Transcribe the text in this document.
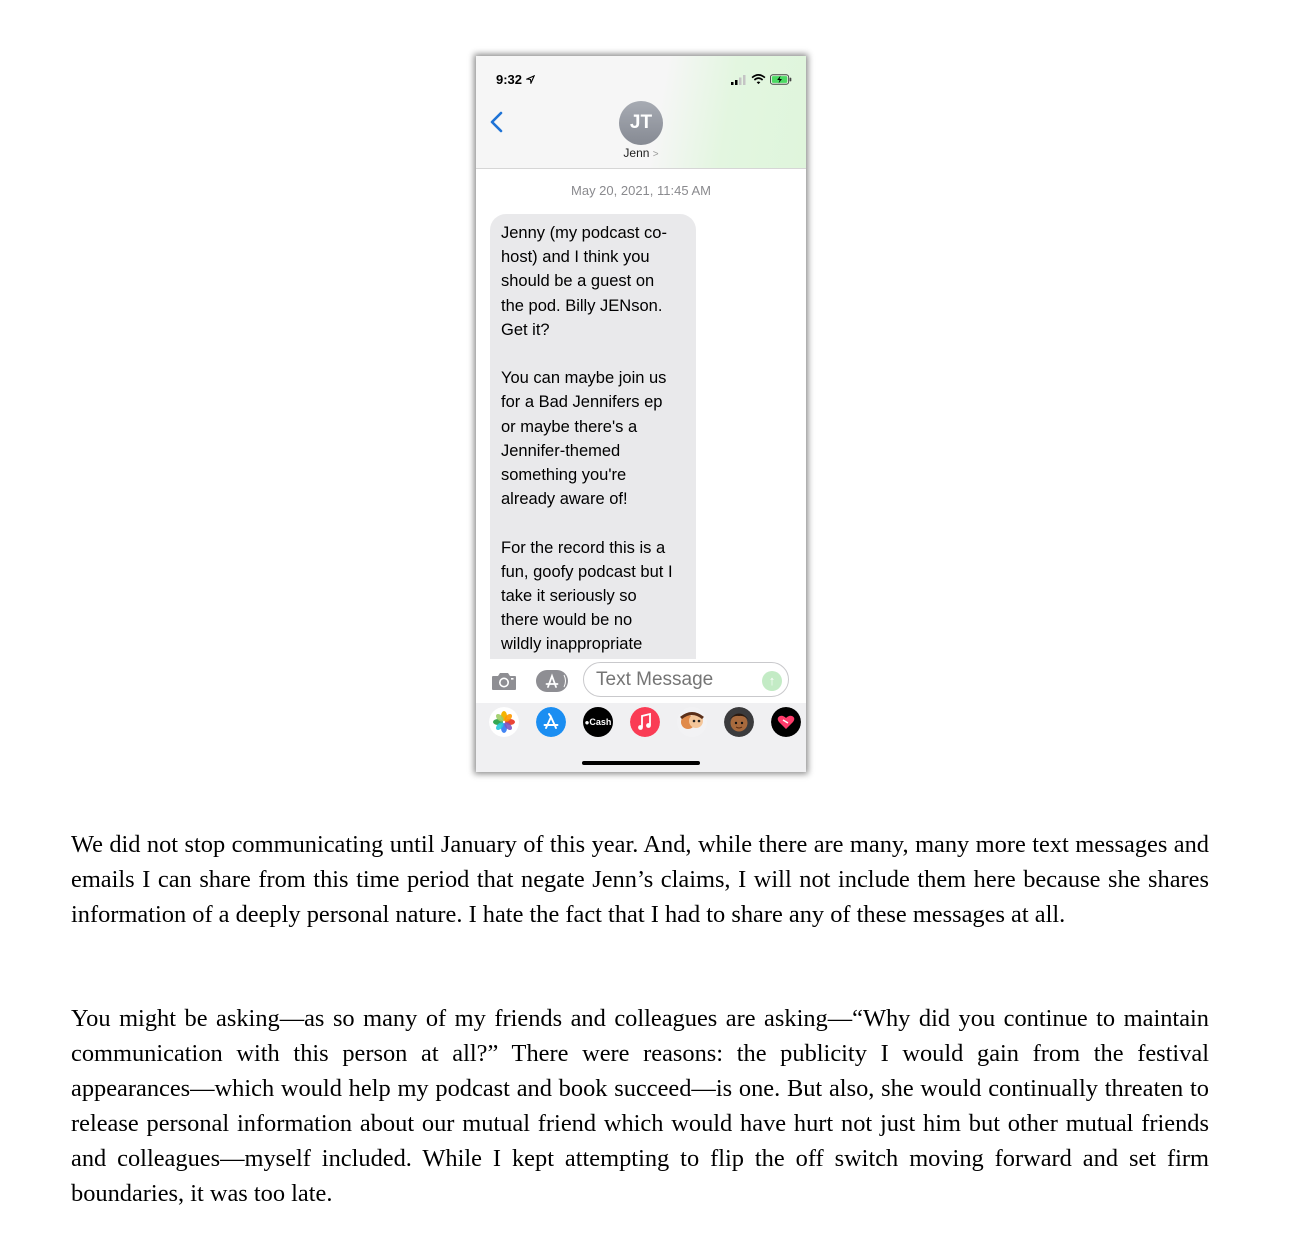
9:32

JT
Jenn >
May 20, 2021, 11:45 AM
Jenny (my podcast co-
host) and I think you
should be a guest on
the pod. Billy JENson.
Get it?

You can maybe join us
for a Bad Jennifers ep
or maybe there's a
Jennifer-themed
something you're
already aware of!

For the record this is a
fun, goofy podcast but I
take it seriously so
there would be no
wildly inappropriate
Text Message
↑
●Cash

We did not stop communicating until January of this year. And, while there are many, many more text messages and emails I can share from this time period that negate Jenn’s claims, I will not include them here because she shares information of a deeply personal nature. I hate the fact that I had to share any of these messages at all.

You might be asking—as so many of my friends and colleagues are asking—“Why did you continue to maintain communication with this person at all?” There were reasons: the publicity I would gain from the festival appearances—which would help my podcast and book succeed—is one. But also, she would continually threaten to release personal information about our mutual friend which would have hurt not just him but other mutual friends and colleagues—myself included. While I kept attempting to flip the off switch moving forward and set firm boundaries, it was too late.
